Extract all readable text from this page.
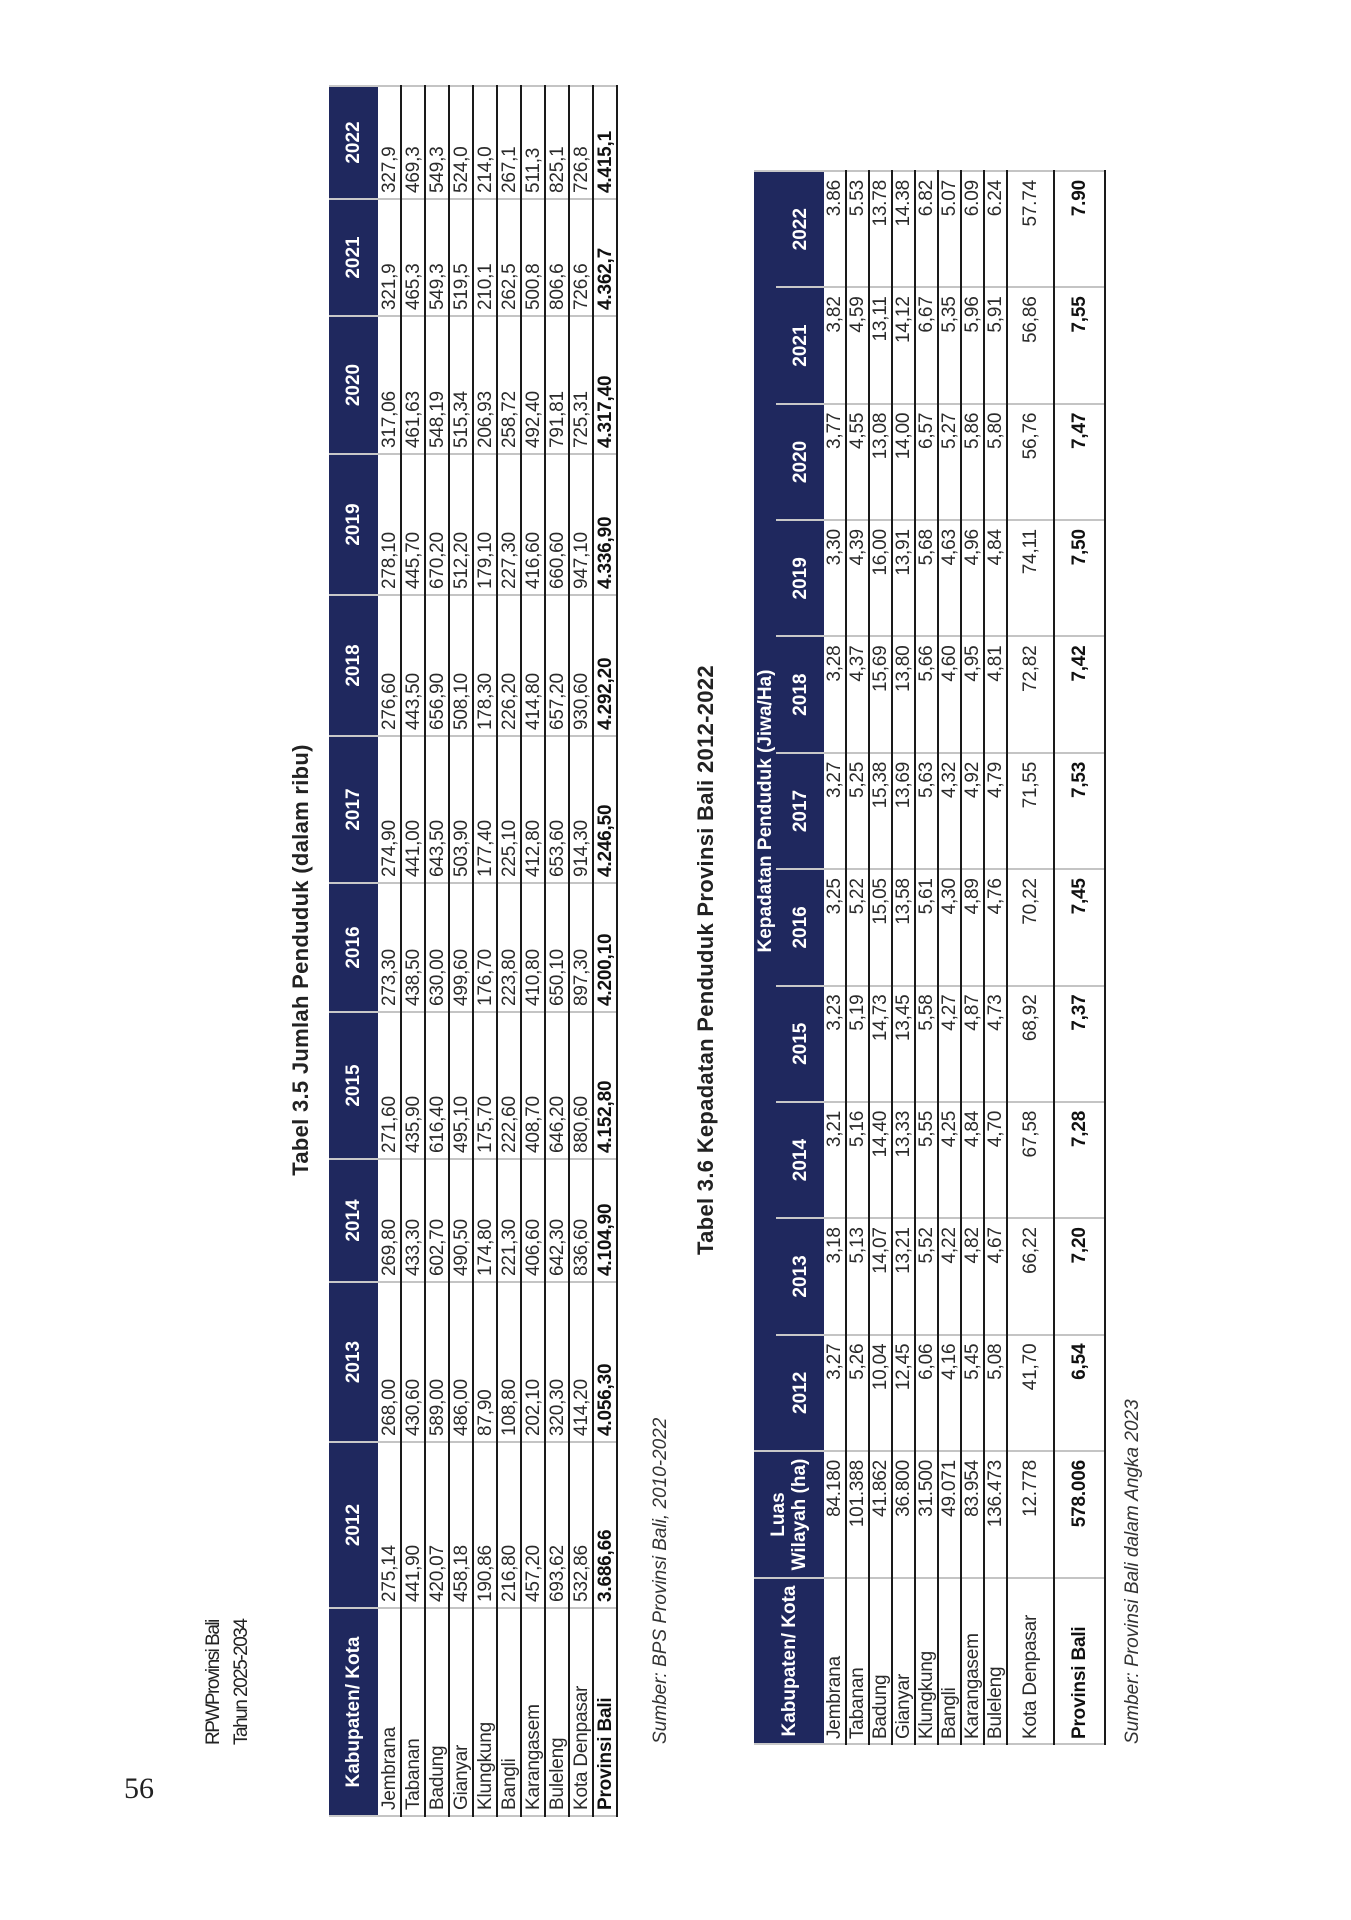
56
RPWProvinsi Bali Tahun 2025-2034
Tabel 3.5 Jumlah Penduduk (dalam ribu)
Kabupaten/ Kota	2012	2013	2014	2015	2016	2017	2018	2019	2020	2021	2022
Jembrana	275,14	268,00	269,80	271,60	273,30	274,90	276,60	278,10	317,06	321,9	327,9
Tabanan	441,90	430,60	433,30	435,90	438,50	441,00	443,50	445,70	461,63	465,3	469,3
Badung	420,07	589,00	602,70	616,40	630,00	643,50	656,90	670,20	548,19	549,3	549,3
Gianyar	458,18	486,00	490,50	495,10	499,60	503,90	508,10	512,20	515,34	519,5	524,0
Klungkung	190,86	87,90	174,80	175,70	176,70	177,40	178,30	179,10	206,93	210,1	214,0
Bangli	216,80	108,80	221,30	222,60	223,80	225,10	226,20	227,30	258,72	262,5	267,1
Karangasem	457,20	202,10	406,60	408,70	410,80	412,80	414,80	416,60	492,40	500,8	511,3
Buleleng	693,62	320,30	642,30	646,20	650,10	653,60	657,20	660,60	791,81	806,6	825,1
Kota Denpasar	532,86	414,20	836,60	880,60	897,30	914,30	930,60	947,10	725,31	726,6	726,8
Provinsi Bali	3.686,66	4.056,30	4.104,90	4.152,80	4.200,10	4.246,50	4.292,20	4.336,90	4.317,40	4.362,7	4.415,1
Sumber: BPS Provinsi Bali, 2010-2022
Tabel 3.6 Kepadatan Penduduk Provinsi Bali 2012-2022
Kabupaten/ Kota	Luas Wilayah (ha)	Kepadatan Penduduk (Jiwa/Ha)										
		2012	2013	2014	2015	2016	2017	2018	2019	2020	2021	2022
Jembrana	84.180	3,27	3,18	3,21	3,23	3,25	3,27	3,28	3,30	3,77	3,82	3.86
Tabanan	101.388	5,26	5,13	5,16	5,19	5,22	5,25	4,37	4,39	4,55	4,59	5.53
Badung	41.862	10,04	14,07	14,40	14,73	15,05	15,38	15,69	16,00	13,08	13,11	13.78
Gianyar	36.800	12,45	13,21	13,33	13,45	13,58	13,69	13,80	13,91	14,00	14,12	14.38
Klungkung	31.500	6,06	5,52	5,55	5,58	5,61	5,63	5,66	5,68	6,57	6,67	6.82
Bangli	49.071	4,16	4,22	4,25	4,27	4,30	4,32	4,60	4,63	5,27	5,35	5.07
Karangasem	83.954	5,45	4,82	4,84	4,87	4,89	4,92	4,95	4,96	5,86	5,96	6.09
Buleleng	136.473	5,08	4,67	4,70	4,73	4,76	4,79	4,81	4,84	5,80	5,91	6.24
Kota Denpasar	12.778	41,70	66,22	67,58	68,92	70,22	71,55	72,82	74,11	56,76	56,86	57.74
Provinsi Bali	578.006	6,54	7,20	7,28	7,37	7,45	7,53	7,42	7,50	7,47	7,55	7.90
Sumber: Provinsi Bali dalam Angka 2023
